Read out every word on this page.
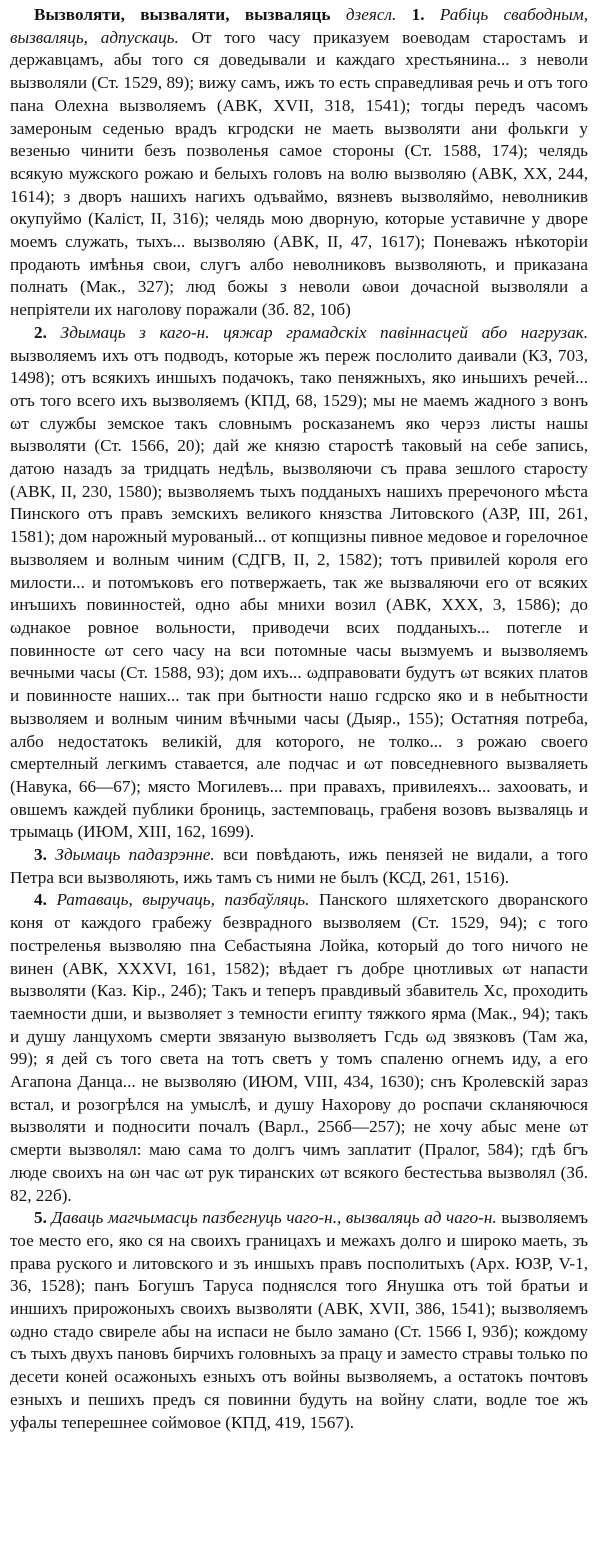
Вызволяти, вызваляти, вызваляць дзеясл. 1. Рабіць свабодным, вызваляць, адпускаць. От того часу приказуем воеводам старостамъ и державцамъ, абы того ся доведывали и каждаго хрестьянина... з неволи вызволяли (Ст. 1529, 89); вижу самъ, ижъ то есть справедливая речь и отъ того пана Олехна вызволяемъ (АВК, XVII, 318, 1541); тогды передъ часомъ замероным седенью врадъ кгродски не маеть вызволяти ани фолькги у везенью чинити безъ позволенья самое стороны (Ст. 1588, 174); челядь всякую мужского рожаю и белыхъ головъ на волю вызволяю (АВК, XX, 244, 1614); з дворъ нашихъ нагихъ одъваймо, вязневъ вызволяймо, неволникив окупуймо (Каліст, II, 316); челядь мою дворную, которые уставичне у дворе моемъ служать, тыхъ... вызволяю (АВК, II, 47, 1617); Поневажъ нѣкоторіи продають имѣнья свои, слугъ албо неволниковъ вызволяють, и приказана полнать (Мак., 327); люд божы з неволи ωвои дочасной вызволяли а непріятели их наголову поражали (Зб. 82, 10б)

2. Здымаць з каго-н. цяжар грамадскіх павіннасцей або нагрузак. вызволяемъ ихъ отъ подводъ, которые жъ переж послолито даивали (КЗ, 703, 1498); отъ всякихъ иншыхъ подачокъ, тако пеняжныхъ, яко иньшихъ речей... отъ того всего ихъ вызволяемъ (КПД, 68, 1529); мы не маемъ жадного з вонъ ωт службы земское такъ словнымъ росказанемъ яко черэз листы нашы вызволяти (Ст. 1566, 20); дай же князю старостѣ таковый на себе запись, датою назадъ за тридцать недѣль, вызволяючи съ права зешлого старосту (АВК, II, 230, 1580); вызволяемъ тыхъ подданыхъ нашихъ преречоного мѣста Пинского отъ правъ земскихъ великого князства Литовского (АЗР, III, 261, 1581); дом нарожный мурованый... от копщизны пивное медовое и горелочное вызволяем и волным чиним (СДГВ, II, 2, 1582); тотъ привилей короля его милости... и потомъковъ его потвержаеть, так же вызваляючи его от всяких инъшихъ повинностей, одно абы мнихи возил (АВК, XXX, 3, 1586); до ωднакое ровное вольности, приводечи всих подданыхъ... потегле и повинносте ωт сего часу на вси потомные часы вызмуемъ и вызволяемъ вечными часы (Ст. 1588, 93); дом ихъ... ωдправовати будутъ ωт всяких платов и повинносте наших... так при бытности нашо гсдрско яко и в небытности вызволяем и волным чиним вѣчными часы (Дыяр., 155); Остатняя потреба, албо недостатокъ великій, для которого, не толко... з рожаю своего смертелный легкимъ ставается, але подчас и ωт повседневного вызваляеть (Навука, 66—67); място Могилевъ... при правахъ, привилеяхъ... захоовать, и овшемъ каждей публики брониць, застемповаць, грабеня возовъ вызваляць и трымаць (ИЮМ, XIII, 162, 1699).

3. Здымаць падазрэнне. вси повѣдають, ижь пенязей не видали, а того Петра вси вызволяють, ижь тамъ съ ними не былъ (КСД, 261, 1516).

4. Ратаваць, выручаць, пазбаўляць. Панского шляхетского дворанского коня от каждого грабежу безврадного вызволяем (Ст. 1529, 94); с того постреленья вызволяю пна Себастыяна Лойка, который до того ничого не винен (АВК, XXXVI, 161, 1582); вѣдает гъ добре цнотливых ωт напасти вызволяти (Каз. Кір., 24б); Такъ и теперъ правдивый збавитель Хс, проходить таемности дши, и вызволяет з темности египту тяжкого ярма (Мак., 94); такъ и душу ланцухомъ смерти звязаную вызволяетъ Гсдь ωд звязковъ (Там жа, 99); я дей съ того света на тотъ светъ у томъ спаленю огнемъ иду, а его Агапона Данца... не вызволяю (ИЮМ, VIII, 434, 1630); снъ Кролевскій зараз встал, и розогрѣлся на умыслѣ, и душу Нахорову до роспачи скланяючюся вызволяти и подносити почалъ (Варл., 256б—257); не хочу абыс мене ωт смерти вызволял: маю сама то долгъ чимъ заплатит (Пралог, 584); гдѣ бгъ люде своихъ на ωн час ωт рук тиранских ωт всякого бестестьва вызволял (Зб. 82, 22б).

5. Даваць магчымасць пазбегнуць чаго-н., вызваляць ад чаго-н. вызволяемъ тое место его, яко ся на своихъ границахъ и межахъ долго и широко маеть, зъ права руского и литовского и зъ иншыхъ правъ посполитыхъ (Арх. ЮЗР, V-1, 36, 1528); панъ Богушъ Таруса подняслся того Янушка отъ той братьи и иншихъ прирожоныхъ своихъ вызволяти (АВК, XVII, 386, 1541); вызволяемъ ωдно стадо свиреле абы на испаси не было замано (Ст. 1566 I, 93б); кождому съ тыхъ двухъ пановъ бирчихъ головныхъ за працу и заместо стравы только по десети коней осажоныхъ езныхъ отъ войны вызволяемъ, а остатокъ почтовъ езныхъ и пешихъ предъ ся повинни будуть на войну слати, водле тое жъ уфалы теперешнее соймовое (КПД, 419, 1567).
